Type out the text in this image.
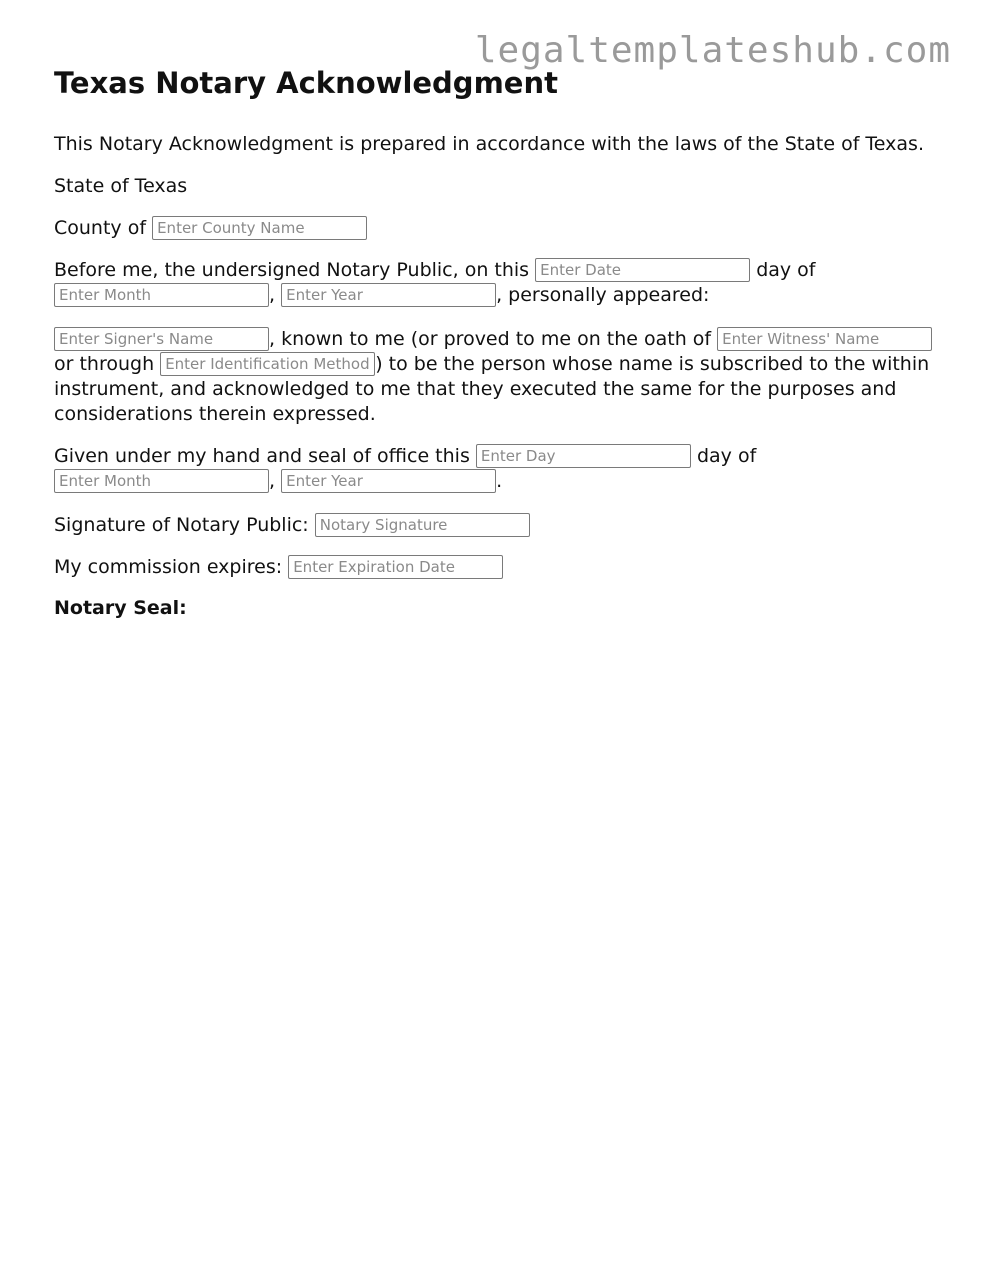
legaltemplateshub.com
Texas Notary Acknowledgment

This Notary Acknowledgment is prepared in accordance with the laws of the State of Texas.

State of Texas

County of Enter County Name

Before me, the undersigned Notary Public, on this Enter Date	day of Enter Month, Enter Year	, personally appeared:

Enter Signer's Name, known to me (or proved to me on the oath of Enter Witness' Name or through Enter Identification Method	) to be the person whose name is subscribed to the within instrument, and acknowledged to me that they executed the same for the purposes and considerations therein expressed.

Given under my hand and seal of office this Enter Day	day of Enter Month, Enter Year	.

Signature of Notary Public: Notary Signature

My commission expires: Enter Expiration Date

Notary Seal:
